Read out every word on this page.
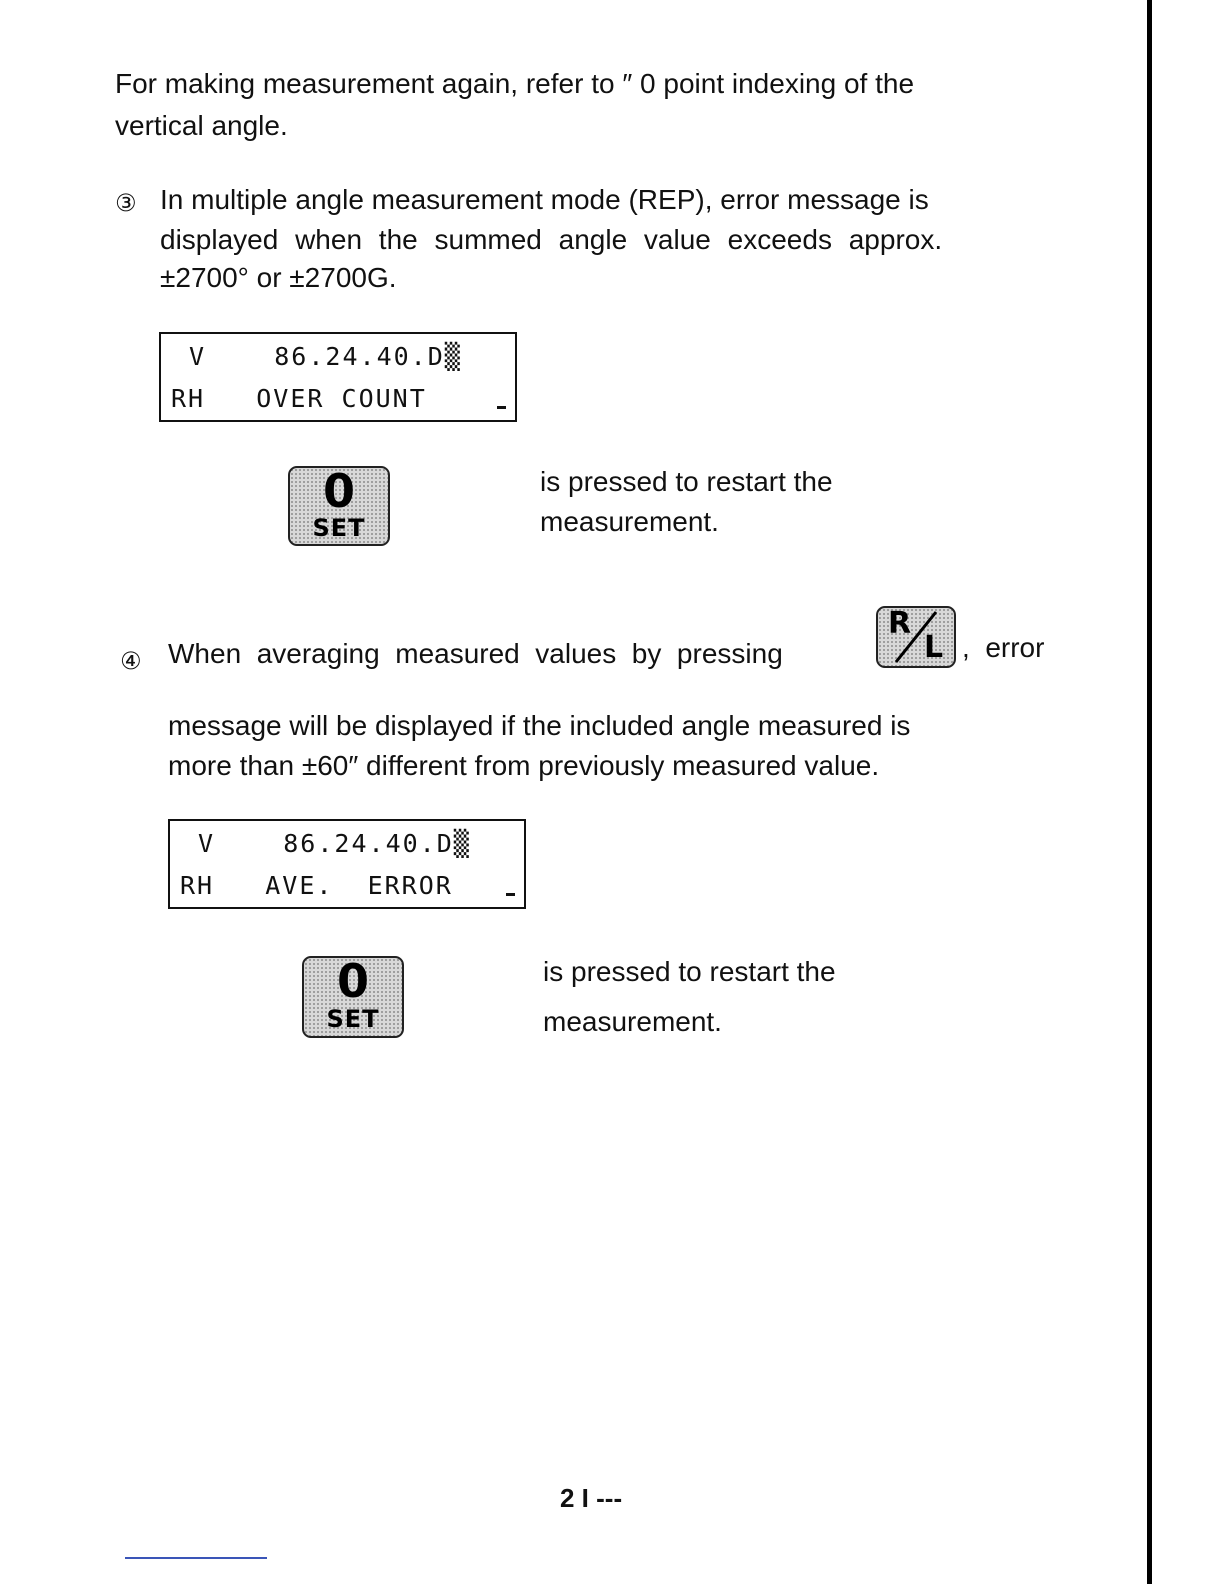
For making measurement again, refer to ″ 0 point indexing of the

vertical angle.

③ In multiple angle measurement mode (REP), error message is

displayed when the summed angle value exceeds approx.

±2700° or ±2700G.

V    86.24.40.D▒
RH   OVER COUNT
0
SET

is pressed to restart the

measurement.

④ When  averaging  measured  values  by  pressing

R
L ,  error

message will be displayed if the included angle measured is

more than ±60″ different from previously measured value.

V    86.24.40.D▒
RH   AVE.  ERROR
0
SET

is pressed to restart the

measurement.

2 I ---
